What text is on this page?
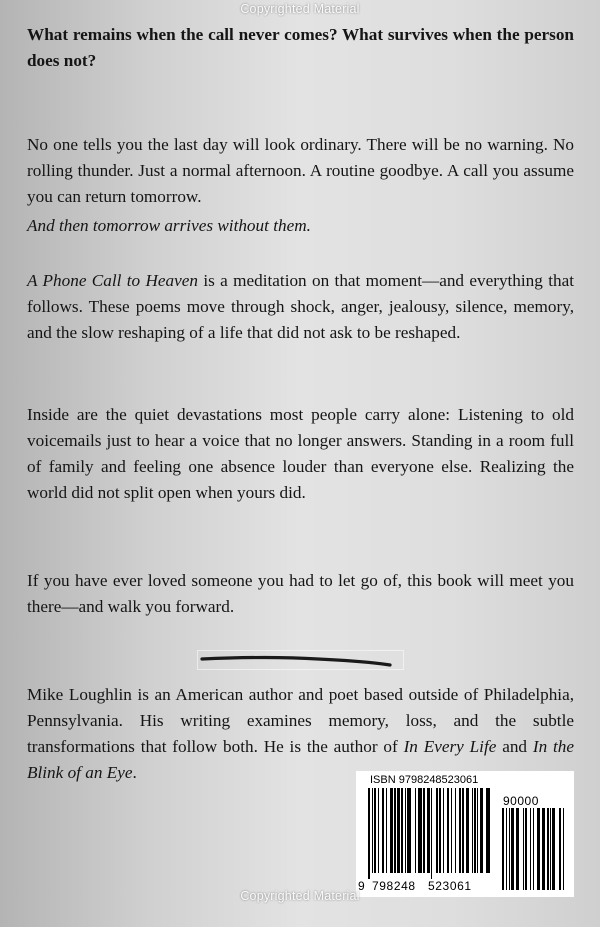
Copyrighted Material

What remains when the call never comes? What survives when the person does not?

No one tells you the last day will look ordinary. There will be no warning. No rolling thunder. Just a normal afternoon. A routine goodbye. A call you assume you can return tomorrow.

And then tomorrow arrives without them.

A Phone Call to Heaven is a meditation on that moment—and everything that follows. These poems move through shock, anger, jealousy, silence, memory, and the slow reshaping of a life that did not ask to be reshaped.

Inside are the quiet devastations most people carry alone: Listening to old voicemails just to hear a voice that no longer answers. Standing in a room full of family and feeling one absence louder than everyone else. Realizing the world did not split open when yours did.

If you have ever loved someone you had to let go of, this book will meet you there—and walk you forward.

Mike Loughlin is an American author and poet based outside of Philadelphia, Pennsylvania. His writing examines memory, loss, and the subtle transformations that follow both. He is the author of In Every Life and In the Blink of an Eye.	ISBN 9798248523061
90000
9 798248 523061
Copyrighted Material
